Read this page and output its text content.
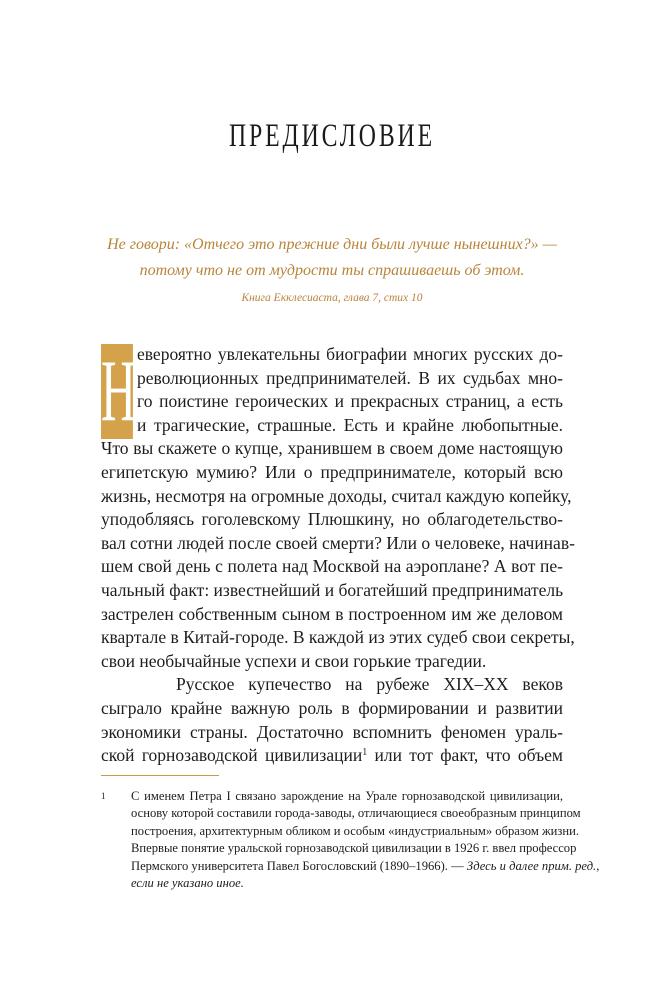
ПРЕДИСЛОВИЕ
Не говори: «Отчего это прежние дни были лучше нынешних?» —
потому что не от мудрости ты спрашиваешь об этом.
Книга Екклесиаста, глава 7, стих 10
Н евероятно увлекательны биографии многих русских до-
революционных предпринимателей. В их судьбах мно-
го поистине героических и прекрасных страниц, а есть
и трагические, страшные. Есть и крайне любопытные.
Что вы скажете о купце, хранившем в своем доме настоящую
египетскую мумию? Или о предпринимателе, который всю
жизнь, несмотря на огромные доходы, считал каждую копейку,
уподобляясь гоголевскому Плюшкину, но облагодетельство-
вал сотни людей после своей смерти? Или о человеке, начинав-
шем свой день с полета над Москвой на аэроплане? А вот пе-
чальный факт: известнейший и богатейший предприниматель
застрелен собственным сыном в построенном им же деловом
квартале в Китай-городе. В каждой из этих судеб свои секреты,
свои необычайные успехи и свои горькие трагедии.
Русское купечество на рубеже XIX–XX веков
сыграло крайне важную роль в формировании и развитии
экономики страны. Достаточно вспомнить феномен ураль-
ской горнозаводской цивилизации$^1$ или тот факт, что объем
1 С именем Петра I связано зарождение на Урале горнозаводской цивилизации,
основу которой составили города-заводы, отличающиеся своеобразным принципом
построения, архитектурным обликом и особым «индустриальным» образом жизни.
Впервые понятие уральской горнозаводской цивилизации в 1926 г. ввел профессор
Пермского университета Павел Богословский (1890–1966). — Здесь и далее прим. ред.,
если не указано иное.
